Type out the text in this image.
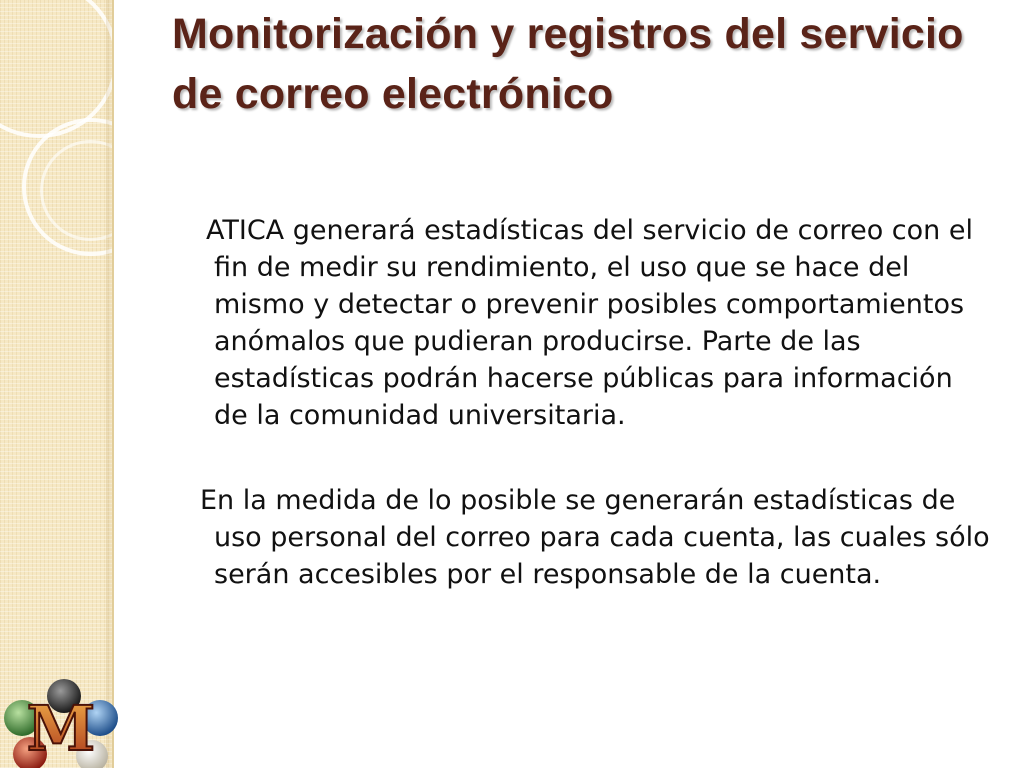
M
Monitorización y registros del servicio de correo electrónico

ATICA generará estadísticas del servicio de correo con el fin de medir su rendimiento, el uso que se hace del mismo y detectar o prevenir posibles comportamientos anómalos que pudieran producirse. Parte de las estadísticas podrán hacerse públicas para información de la comunidad universitaria.

En la medida de lo posible se generarán estadísticas de uso personal del correo para cada cuenta, las cuales sólo serán accesibles por el responsable de la cuenta.
